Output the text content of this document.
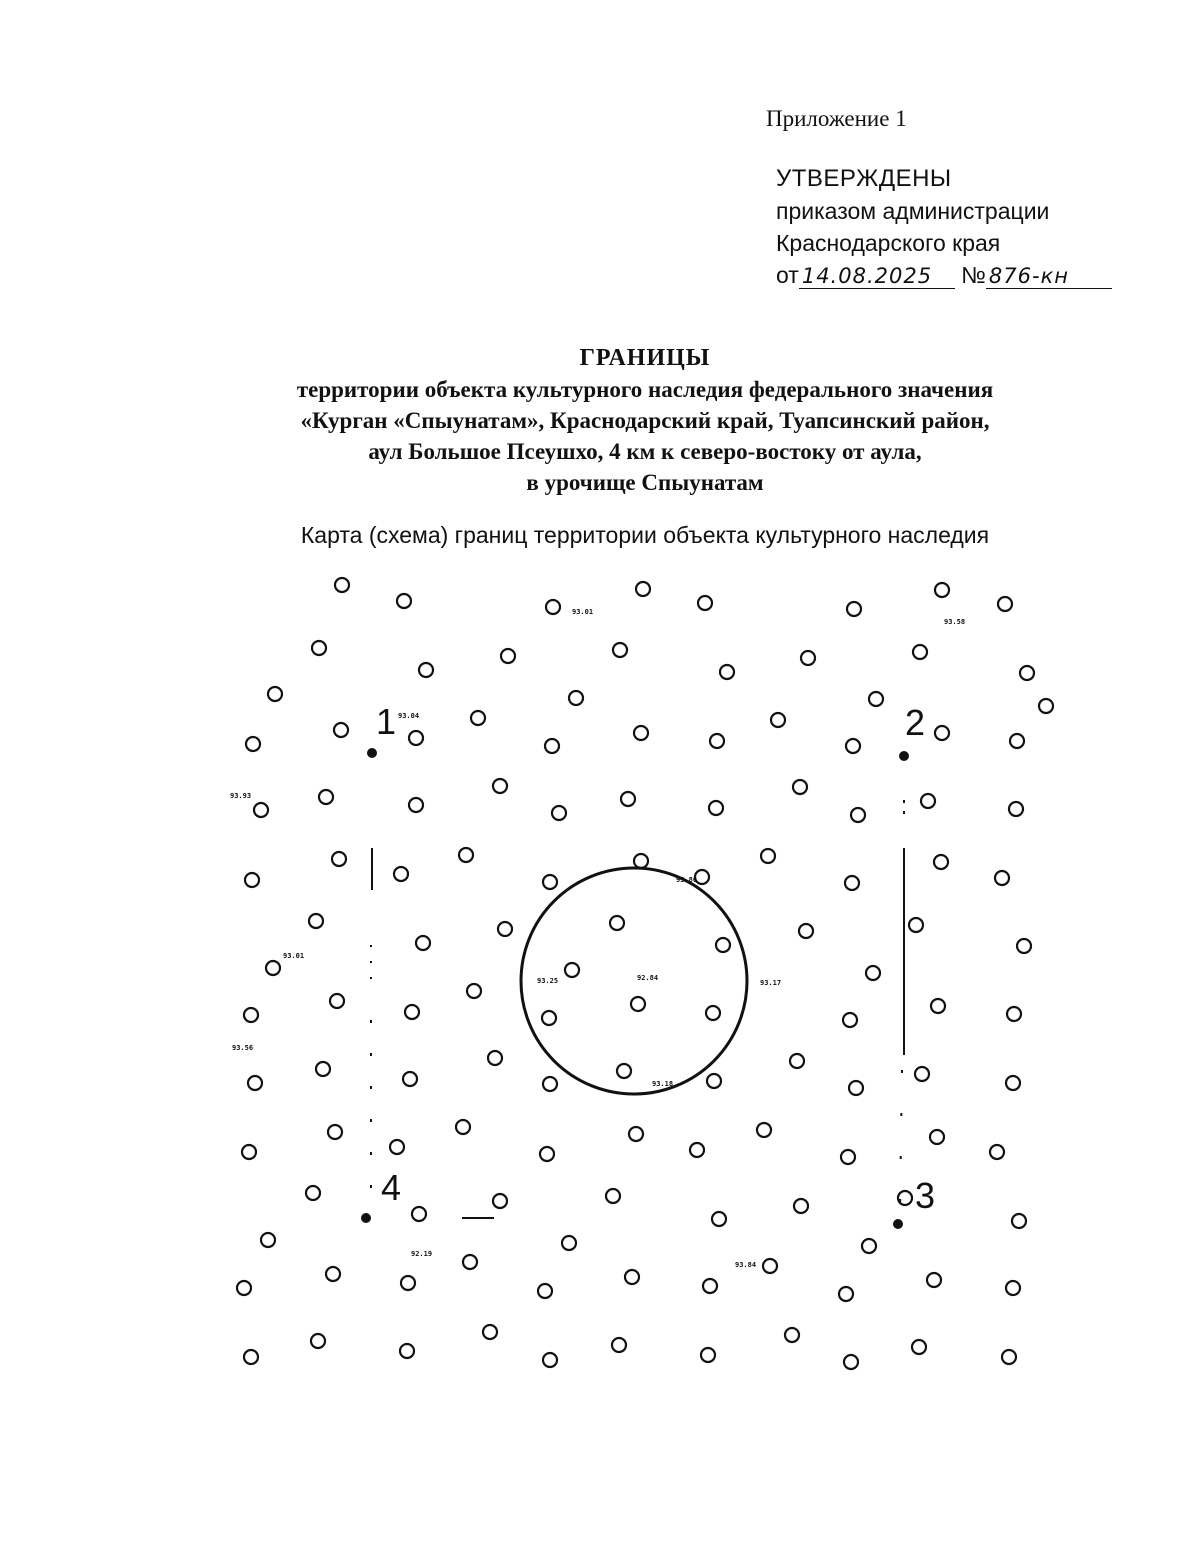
Приложение 1
УТВЕРЖДЕНЫ
приказом администрации
Краснодарского края
от 14.08.2025 № 876-кн
ГРАНИЦЫ
территории объекта культурного наследия федерального значения
«Курган «Спыунатам», Краснодарский край, Туапсинский район,
аул Большое Псеушхо, 4 км к северо-востоку от аула,
в урочище Спыунатам
Карта (схема) границ территории объекта культурного наследия
1	2
3
4
93.01
93.58
93.04
93.93
93.01
92.84
93.25
93.86
93.17
93.56
93.18
92.19
93.84
